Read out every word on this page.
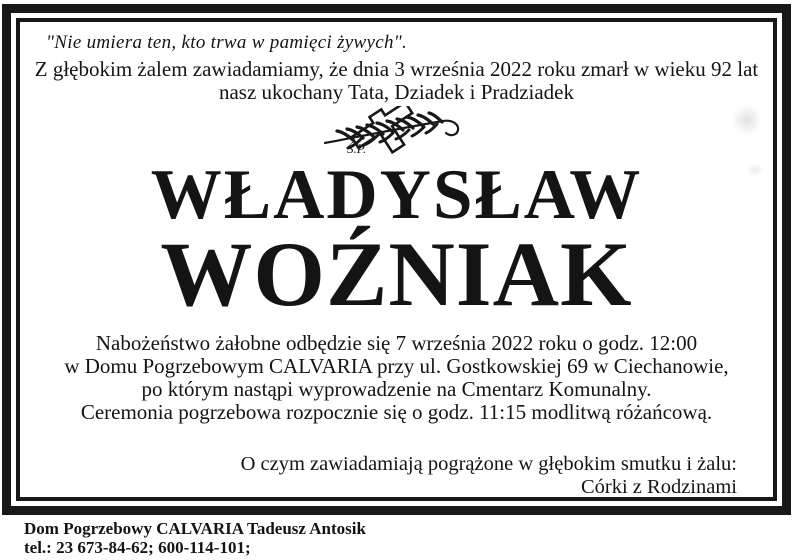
"Nie umiera ten, kto trwa w pamięci żywych".
Z głębokim żalem zawiadamiamy, że dnia 3 września 2022 roku zmarł w wieku 92 lat
nasz ukochany Tata, Dziadek i Pradziadek
Ś.P.
WŁADYSŁAW
WOŹNIAK
Nabożeństwo żałobne odbędzie się 7 września 2022 roku o godz. 12:00
w Domu Pogrzebowym CALVARIA przy ul. Gostkowskiej 69 w Ciechanowie,
po którym nastąpi wyprowadzenie na Cmentarz Komunalny.
Ceremonia pogrzebowa rozpocznie się o godz. 11:15 modlitwą różańcową.
O czym zawiadamiają pogrążone w głębokim smutku i żalu:
Córki z Rodzinami
Dom Pogrzebowy CALVARIA Tadeusz Antosik
tel.: 23 673-84-62; 600-114-101;
